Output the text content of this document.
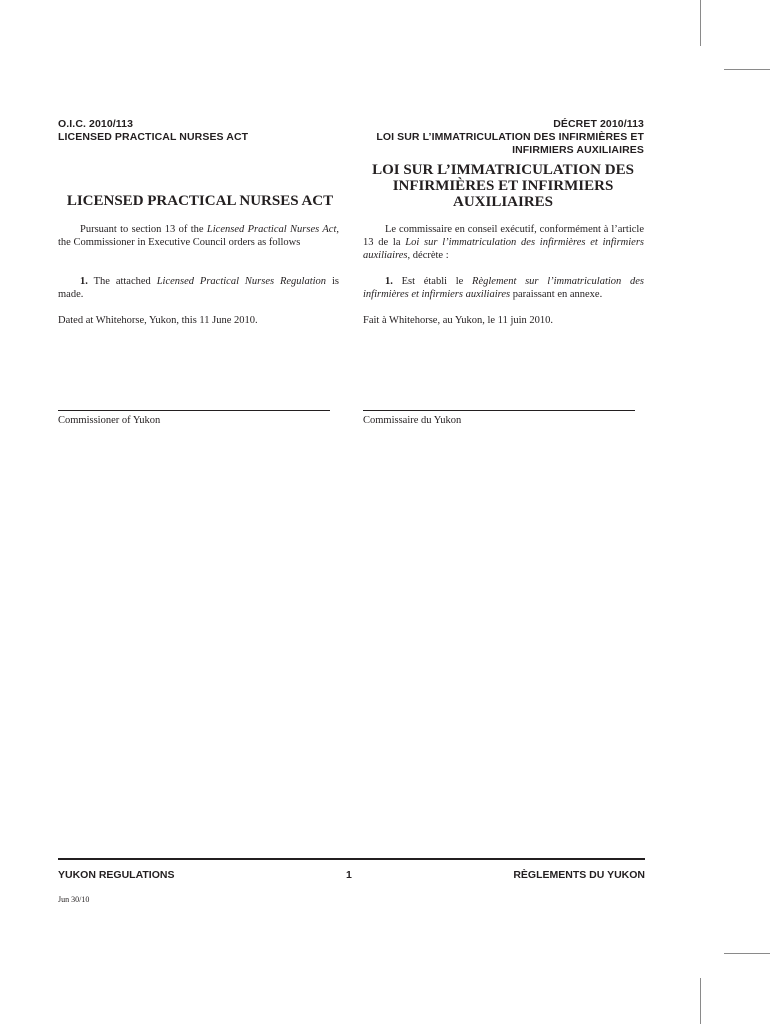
O.I.C. 2010/113
LICENSED PRACTICAL NURSES ACT
DÉCRET 2010/113
LOI SUR L’IMMATRICULATION DES INFIRMIÈRES ET
INFIRMIERS AUXILIAIRES
LICENSED PRACTICAL NURSES ACT
LOI SUR L’IMMATRICULATION DES
INFIRMIÈRES ET INFIRMIERS
AUXILIAIRES

Pursuant to section 13 of the Licensed Practical Nurses Act, the Commissioner in Executive Council orders as follows

1. The attached Licensed Practical Nurses Regulation is made.

Dated at Whitehorse, Yukon, this 11 June 2010.
Commissioner of Yukon

Le commissaire en conseil exécutif, conformément à l’article 13 de la Loi sur l’immatriculation des infirmières et infirmiers auxiliaires, décrète :

1. Est établi le Règlement sur l’immatriculation des infirmières et infirmiers auxiliaires paraissant en annexe.

Fait à Whitehorse, au Yukon, le 11 juin 2010.
Commissaire du Yukon
YUKON REGULATIONS	1	RÈGLEMENTS DU YUKON
Jun 30/10
